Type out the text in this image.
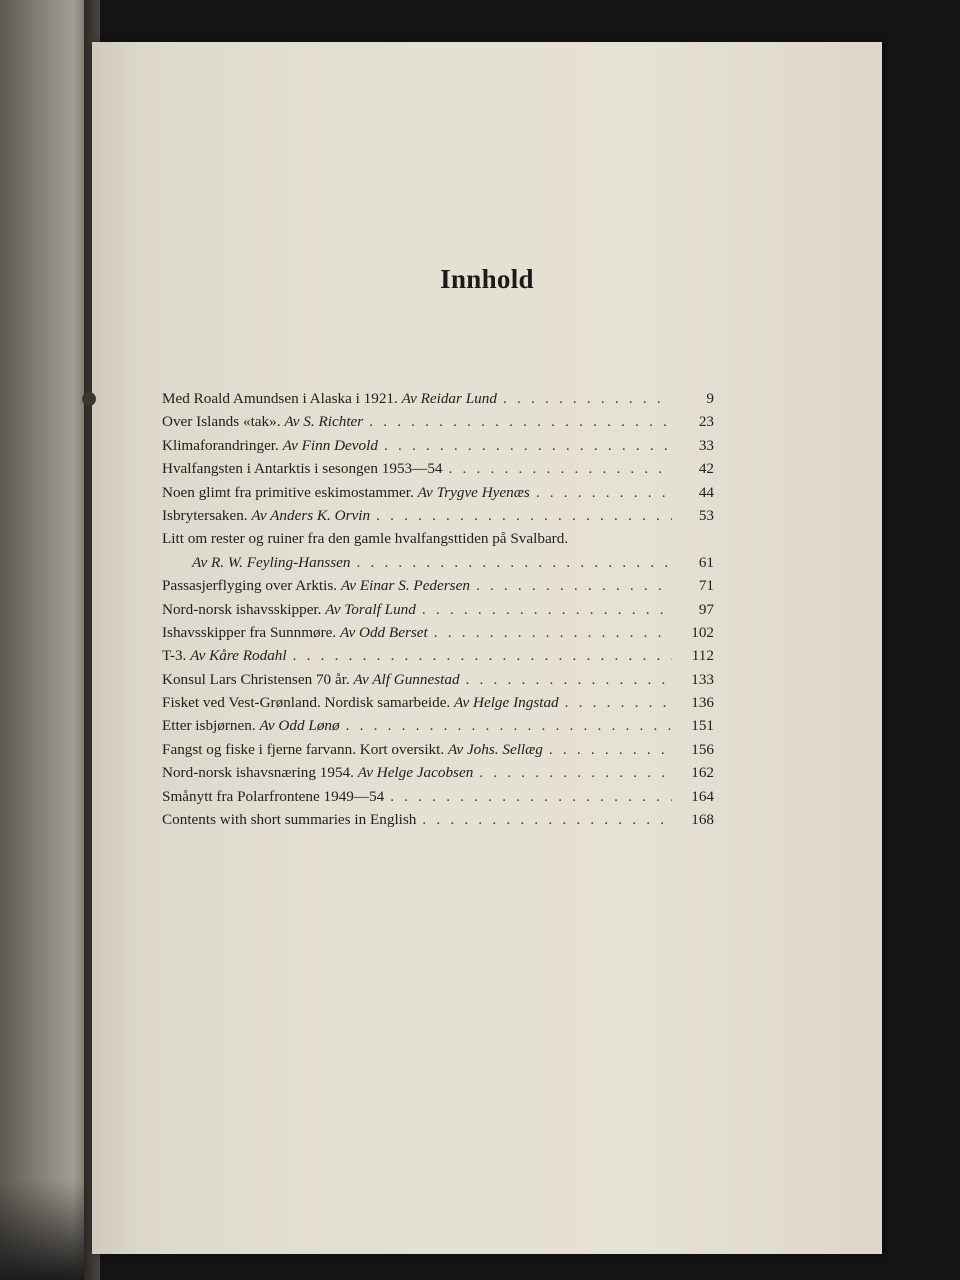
Innhold
Med Roald Amundsen i Alaska i 1921. Av Reidar Lund . . .	9
Over Islands «tak». Av S. Richter . . .	23
Klimaforandringer. Av Finn Devold . . .	33
Hvalfangsten i Antarktis i sesongen 1953—54 . . .	42
Noen glimt fra primitive eskimostammer. Av Trygve Hyenæs . . .	44
Isbrytersaken. Av Anders K. Orvin . . .	53
Litt om rester og ruiner fra den gamle hvalfangsttiden på Svalbard.
Av R. W. Feyling-Hanssen . . .	61
Passasjerflyging over Arktis. Av Einar S. Pedersen . . .	71
Nord-norsk ishavsskipper. Av Toralf Lund . . .	97
Ishavsskipper fra Sunnmøre. Av Odd Berset . . .	102
T-3. Av Kåre Rodahl . . .	112
Konsul Lars Christensen 70 år. Av Alf Gunnestad . . .	133
Fisket ved Vest-Grønland. Nordisk samarbeide. Av Helge Ingstad . . .	136
Etter isbjørnen. Av Odd Lønø . . .	151
Fangst og fiske i fjerne farvann. Kort oversikt. Av Johs. Sellæg . . .	156
Nord-norsk ishavsnæring 1954. Av Helge Jacobsen . . .	162
Smånytt fra Polarfrontene 1949—54 . . .	164
Contents with short summaries in English . . .	168
